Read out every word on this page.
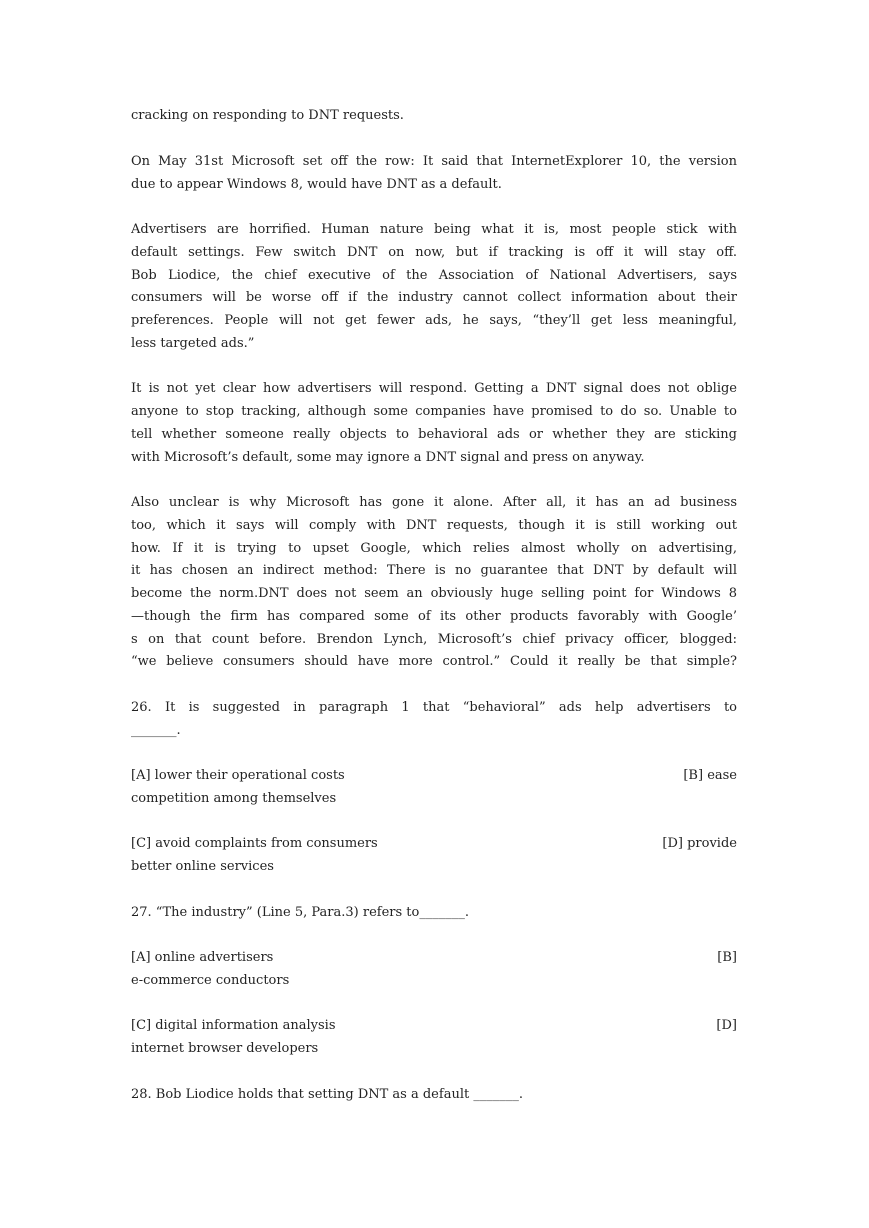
cracking on responding to DNT requests.
On May 31st Microsoft set off the row: It said that InternetExplorer 10, the version
due to appear Windows 8, would have DNT as a default.
Advertisers are horrified. Human nature being what it is, most people stick with
default settings. Few switch DNT on now, but if tracking is off it will stay off.
Bob Liodice, the chief executive of the Association of National Advertisers, says
consumers will be worse off if the industry cannot collect information about their
preferences. People will not get fewer ads, he says, “they’ll get less meaningful,
less targeted ads.”
It is not yet clear how advertisers will respond. Getting a DNT signal does not oblige
anyone to stop tracking, although some companies have promised to do so. Unable to
tell whether someone really objects to behavioral ads or whether they are sticking
with Microsoft’s default, some may ignore a DNT signal and press on anyway.
Also unclear is why Microsoft has gone it alone. After all, it has an ad business
too, which it says will comply with DNT requests, though it is still working out
how. If it is trying to upset Google, which relies almost wholly on advertising,
it has chosen an indirect method: There is no guarantee that DNT by default will
become the norm.DNT does not seem an obviously huge selling point for Windows 8
—though the firm has compared some of its other products favorably with Google’
s on that count before. Brendon Lynch, Microsoft’s chief privacy officer, blogged:
“we believe consumers should have more control.” Could it really be that simple?
26. It is suggested in paragraph 1 that “behavioral” ads help advertisers to
_______.
[A] lower their operational costs	[B] ease
competition among themselves
[C] avoid complaints from consumers	[D] provide
better online services
27. “The industry” (Line 5, Para.3) refers to_______.
[A] online advertisers	[B]
e-commerce conductors
[C] digital information analysis	[D]
internet browser developers
28. Bob Liodice holds that setting DNT as a default _______.
